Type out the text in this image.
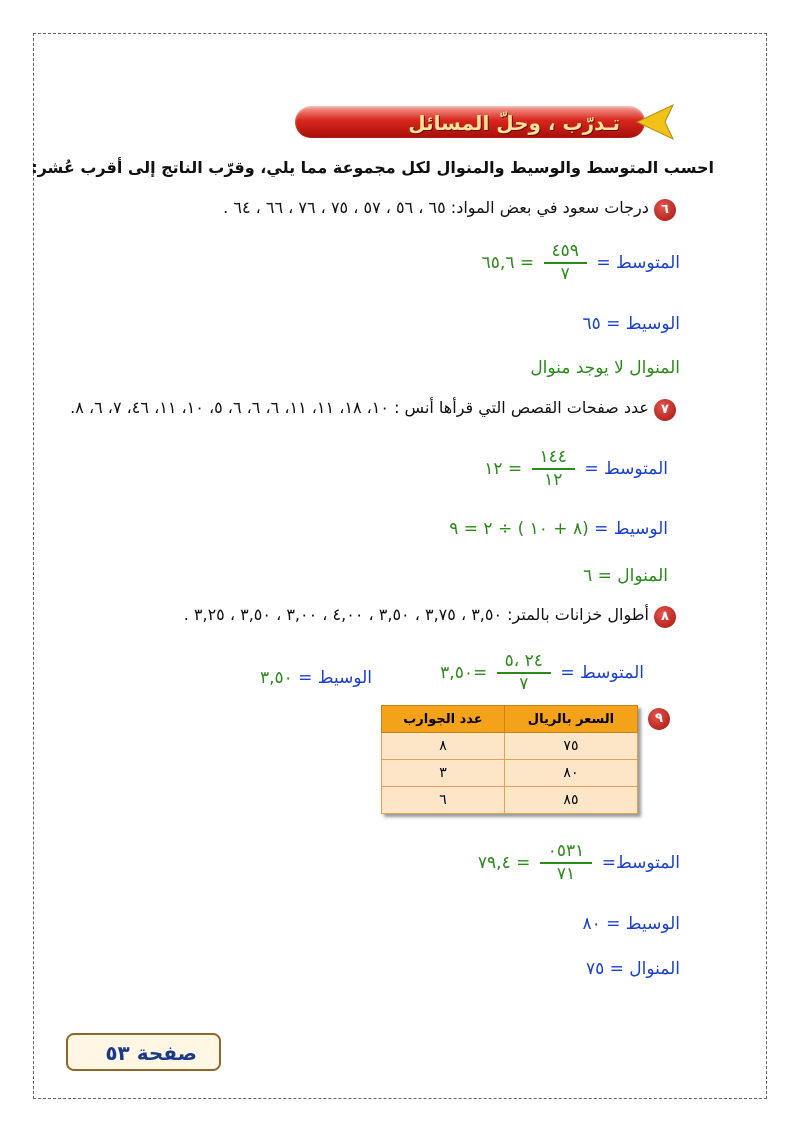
تـدرّب ، وحلّ المسائل
احسب المتوسط والوسيط والمنوال لكل مجموعة مما يلي، وقرّب الناتج إلى أقرب عُشر:
٦ درجات سعود في بعض المواد: ٦٥ ، ٥٦ ، ٥٧ ، ٧٥ ، ٧٦ ، ٦٦ ، ٦٤ .
المتوسط =
$\frac{٤٥٩}{٧}$
= ٦٥,٦
الوسيط = ٦٥
المنوال لا يوجد منوال
٧ عدد صفحات القصص التي قرأها أنس : ١٠، ١٨، ١١، ١١، ٦، ٦، ٦، ٥، ١٠، ١١، ٤٦، ٧، ٦، ٨.
المتوسط =
$\frac{١٤٤}{١٢}$
= ١٢
الوسيط = (٨ + ١٠ ) ÷ ٢ = ٩
المنوال = ٦
٨ أطوال خزانات بالمتر: ٣,٥٠ ، ٣,٧٥ ، ٣,٥٠ ، ٤,٠٠ ، ٣,٠٠ ، ٣,٥٠ ، ٣,٢٥ .
المتوسط =
$\frac{٢٤ ،٥}{٧}$
=٣,٥٠
الوسيط = ٣,٥٠
٩
السعر بالريال	عدد الجوارب
٧٥	٨
٨٠	٣
٨٥	٦
المتوسط=
$\frac{٠٥٣١}{٧١}$
= ٧٩,٤
الوسيط = ٨٠
المنوال = ٧٥
صفحة ٥٣
